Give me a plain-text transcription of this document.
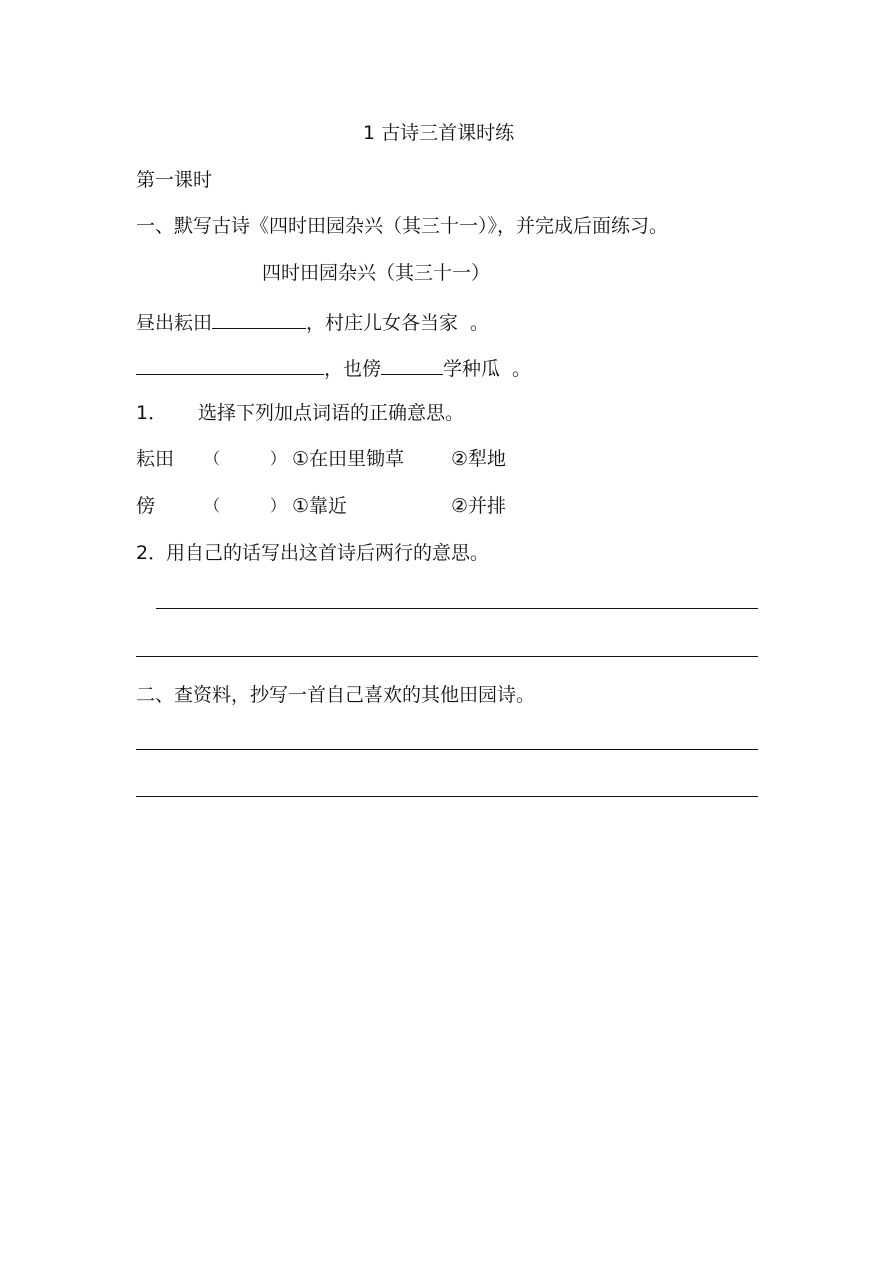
1 古诗三首课时练
第一课时
一、默写古诗《四时田园杂兴（其三十一）》，并完成后面练习。
四时田园杂兴（其三十一）
昼出耘田	，村庄儿女各当家 。
，也傍	学种瓜 。
1． 选择下列加点词语的正确意思。
耘田 （	） ①在田里锄草 ②犁地
傍	（	） ①靠近	②并排
2．
用自己的话写出这首诗后两行的意思。
二、查资料，抄写一首自己喜欢的其他田园诗。
